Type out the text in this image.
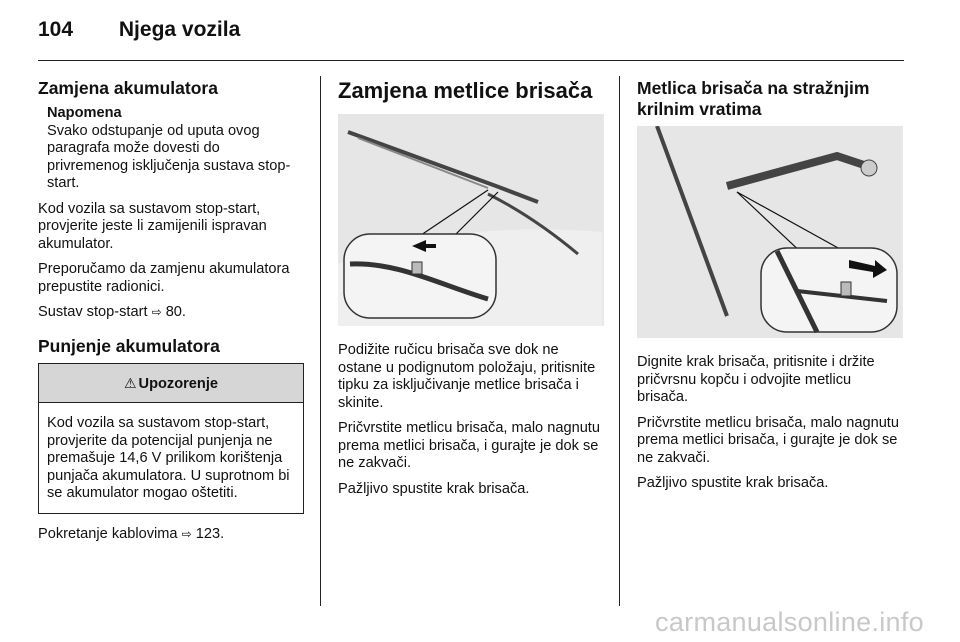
104 Njega vozila
Zamjena akumulatora
Napomena
Svako odstupanje od uputa ovog paragrafa može dovesti do privremenog isključenja sustava stop-start.

Kod vozila sa sustavom stop-start, provjerite jeste li zamijenili ispravan akumulator.

Preporučamo da zamjenu akumulatora prepustite radionici.

Sustav stop-start ⇨ 80.

Punjenje akumulatora
⚠ Upozorenje
Kod vozila sa sustavom stop-start, provjerite da potencijal punjenja ne premašuje 14,6 V prilikom korištenja punjača akumulatora. U suprotnom bi se akumulator mogao oštetiti.

Pokretanje kablovima ⇨ 123.

Zamjena metlice brisača

Podižite ručicu brisača sve dok ne ostane u podignutom položaju, pritisnite tipku za isključivanje metlice brisača i skinite.

Pričvrstite metlicu brisača, malo nagnutu prema metlici brisača, i gurajte je dok se ne zakvači.

Pažljivo spustite krak brisača.

Metlica brisača na stražnjim krilnim vratima

Dignite krak brisača, pritisnite i držite pričvrsnu kopču i odvojite metlicu brisača.

Pričvrstite metlicu brisača, malo nagnutu prema metlici brisača, i gurajte je dok se ne zakvači.

Pažljivo spustite krak brisača.

carmanualsonline.info
